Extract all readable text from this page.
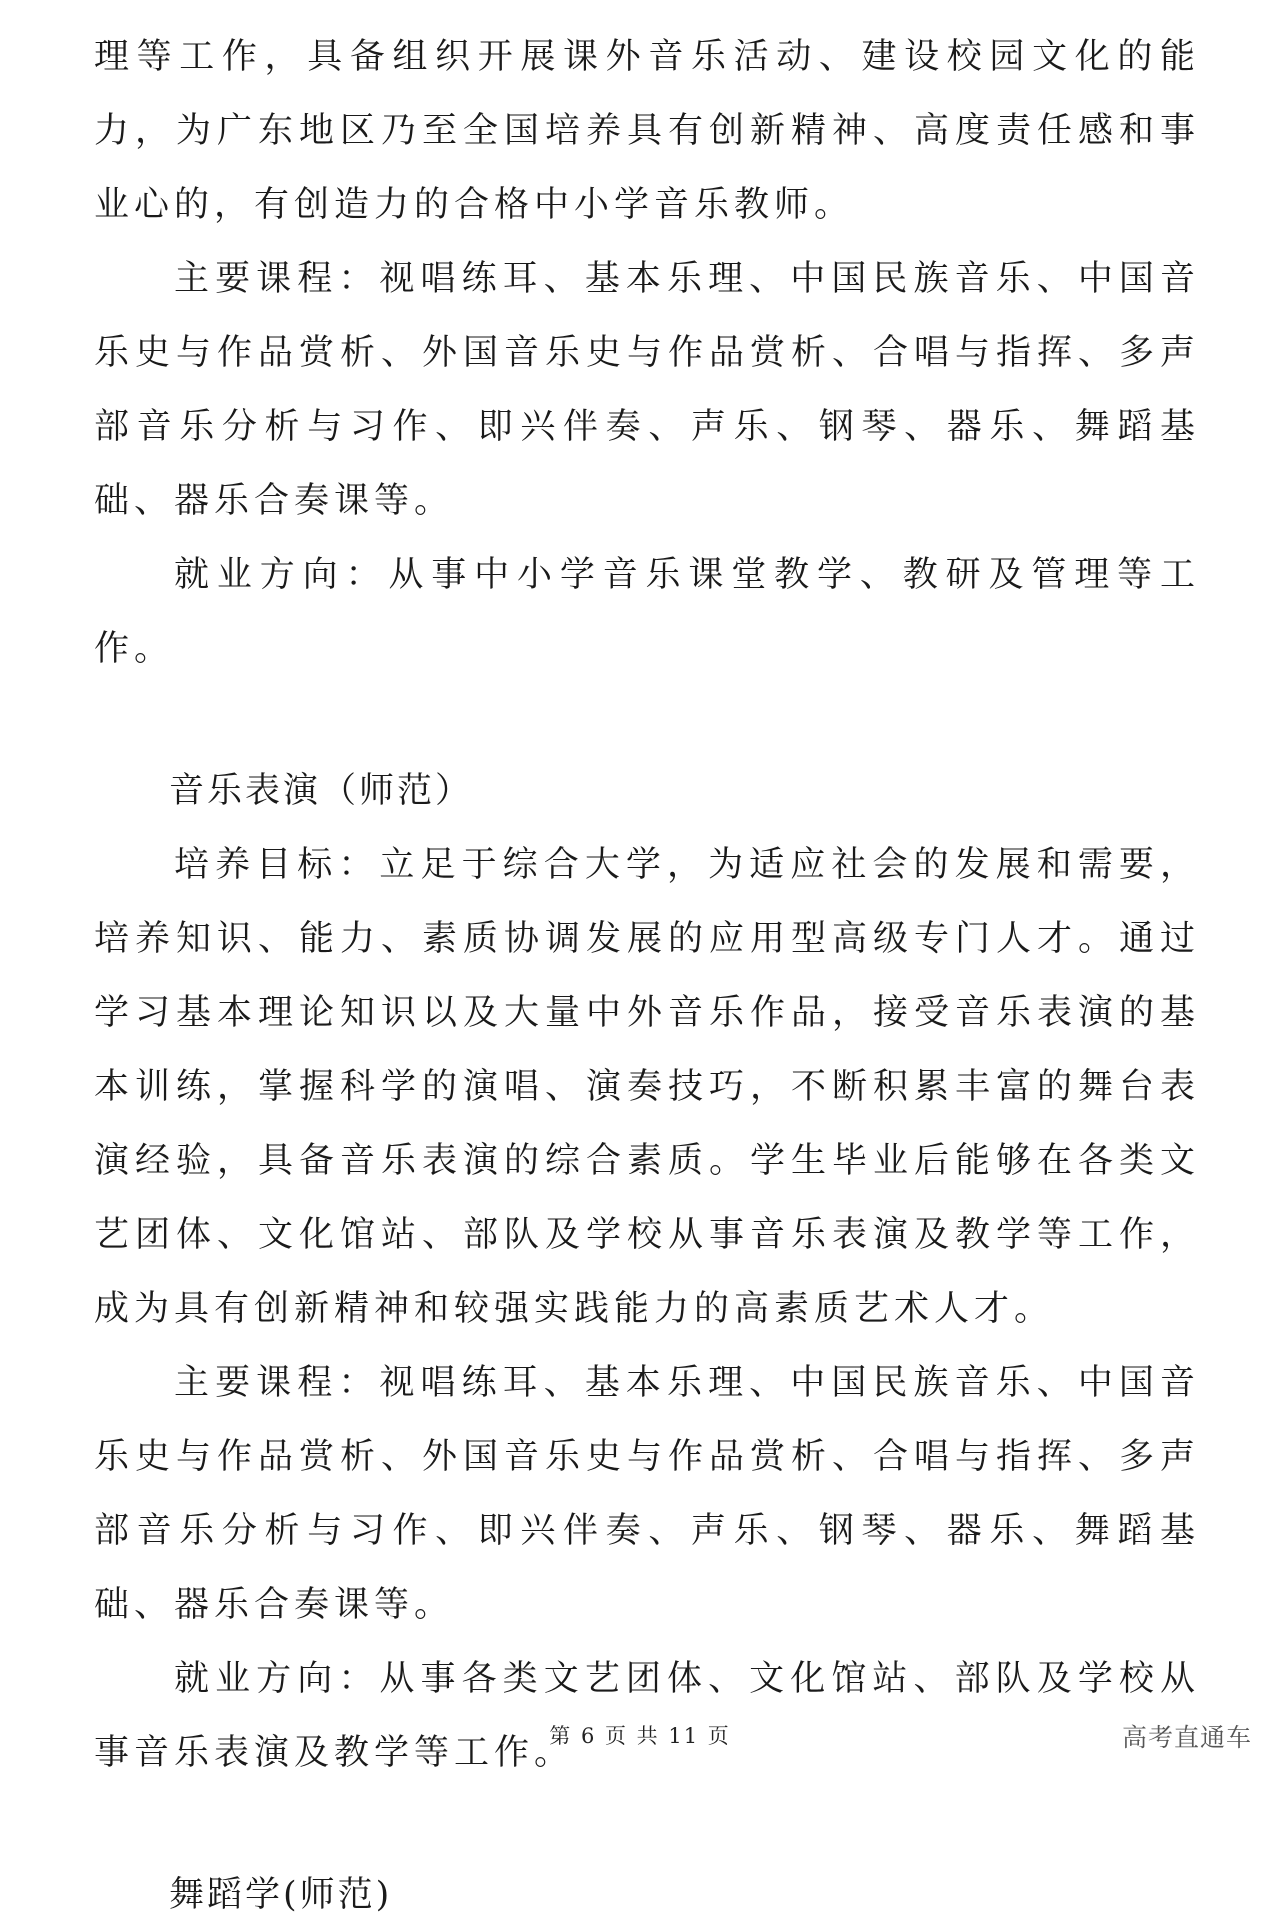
理等工作，具备组织开展课外音乐活动、建设校园文化的能力，为广东地区乃至全国培养具有创新精神、高度责任感和事业心的，有创造力的合格中小学音乐教师。

主要课程：视唱练耳、基本乐理、中国民族音乐、中国音乐史与作品赏析、外国音乐史与作品赏析、合唱与指挥、多声部音乐分析与习作、即兴伴奏、声乐、钢琴、器乐、舞蹈基础、器乐合奏课等。

就业方向：从事中小学音乐课堂教学、教研及管理等工作。

音乐表演（师范）

培养目标：立足于综合大学，为适应社会的发展和需要，培养知识、能力、素质协调发展的应用型高级专门人才。通过学习基本理论知识以及大量中外音乐作品，接受音乐表演的基本训练，掌握科学的演唱、演奏技巧，不断积累丰富的舞台表演经验，具备音乐表演的综合素质。学生毕业后能够在各类文艺团体、文化馆站、部队及学校从事音乐表演及教学等工作，成为具有创新精神和较强实践能力的高素质艺术人才。

主要课程：视唱练耳、基本乐理、中国民族音乐、中国音乐史与作品赏析、外国音乐史与作品赏析、合唱与指挥、多声部音乐分析与习作、即兴伴奏、声乐、钢琴、器乐、舞蹈基础、器乐合奏课等。

就业方向：从事各类文艺团体、文化馆站、部队及学校从事音乐表演及教学等工作。

舞蹈学(师范)

第 6 页 共 11 页	高考直通车
